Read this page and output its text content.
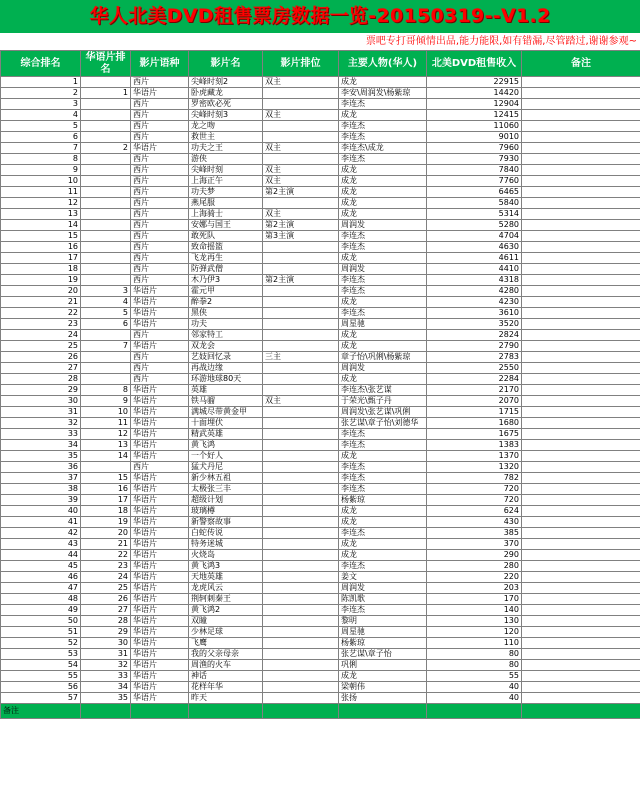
华人北美DVD租售票房数据一览-20150319--V1.2
票吧专打哥倾情出品,能力能限,如有错漏,尽管踏过,谢谢参观~
综合排名	华语片排名	影片语种	影片名	影片排位	主要人物(华人)	北美DVD租售收入	备注
1		西片	尖峰时刻2	双主	成龙	22915	
2	1	华语片	卧虎藏龙		李安\周润发\杨紫琼	14420	
3		西片	罗密欧必死		李连杰	12904	
4		西片	尖峰时刻3	双主	成龙	12415	
5		西片	龙之吻		李连杰	11060	
6		西片	救世主		李连杰	9010	
7	2	华语片	功夫之王	双主	李连杰\成龙	7960	
8		西片	游侠		李连杰	7930	
9		西片	尖峰时刻	双主	成龙	7840	
10		西片	上海正午	双主	成龙	7760	
11		西片	功夫梦	第2主演	成龙	6465	
12		西片	燕尾服		成龙	5840	
13		西片	上海骑士	双主	成龙	5314	
14		西片	安娜与国王	第2主演	周润发	5280	
15		西片	敢死队	第3主演	李连杰	4704	
16		西片	致命摇篮		李连杰	4630	
17		西片	飞龙再生		成龙	4611	
18		西片	防弹武僧		周润发	4410	
19		西片	木乃伊3	第2主演	李连杰	4318	
20	3	华语片	霍元甲		李连杰	4280	
21	4	华语片	醉拳2		成龙	4230	
22	5	华语片	黑侠		李连杰	3610	
23	6	华语片	功夫		周星驰	3520	
24		西片	邻家特工		成龙	2824	
25	7	华语片	双龙会		成龙	2790	
26		西片	艺妓回忆录	三主	章子怡\巩俐\杨紫琼	2783	
27		西片	再战边缘		周润发	2550	
28		西片	环游地球80天		成龙	2284	
29	8	华语片	英雄		李连杰\张艺谋	2170	
30	9	华语片	铁马骝	双主	于荣光\甄子丹	2070	
31	10	华语片	满城尽带黄金甲		周润发\张艺谋\巩俐	1715	
32	11	华语片	十面埋伏		张艺谋\章子怡\刘德华	1680	
33	12	华语片	精武英雄		李连杰	1675	
34	13	华语片	黄飞鸿		李连杰	1383	
35	14	华语片	一个好人		成龙	1370	
36		西片	猛犬丹尼		李连杰	1320	
37	15	华语片	新少林五祖		李连杰	782	
38	16	华语片	太极张三丰		李连杰	720	
39	17	华语片	超级计划		杨紫琼	720	
40	18	华语片	玻璃樽		成龙	624	
41	19	华语片	新警察故事		成龙	430	
42	20	华语片	白蛇传说		李连杰	385	
43	21	华语片	特务迷城		成龙	370	
44	22	华语片	火烧岛		成龙	290	
45	23	华语片	黄飞鸿3		李连杰	280	
46	24	华语片	天地英雄		姜文	220	
47	25	华语片	龙虎风云		周润发	203	
48	26	华语片	荆轲刺秦王		陈凯歌	170	
49	27	华语片	黄飞鸿2		李连杰	140	
50	28	华语片	双瞳		黎明	130	
51	29	华语片	少林足球		周星驰	120	
52	30	华语片	飞鹰		杨紫琼	110	
53	31	华语片	我的父亲母亲		张艺谋\章子怡	80	
54	32	华语片	周渔的火车		巩俐	80	
55	33	华语片	神话		成龙	55	
56	34	华语片	花样年华		梁朝伟	40	
57	35	华语片	昨天		张扬	40	
备注							
